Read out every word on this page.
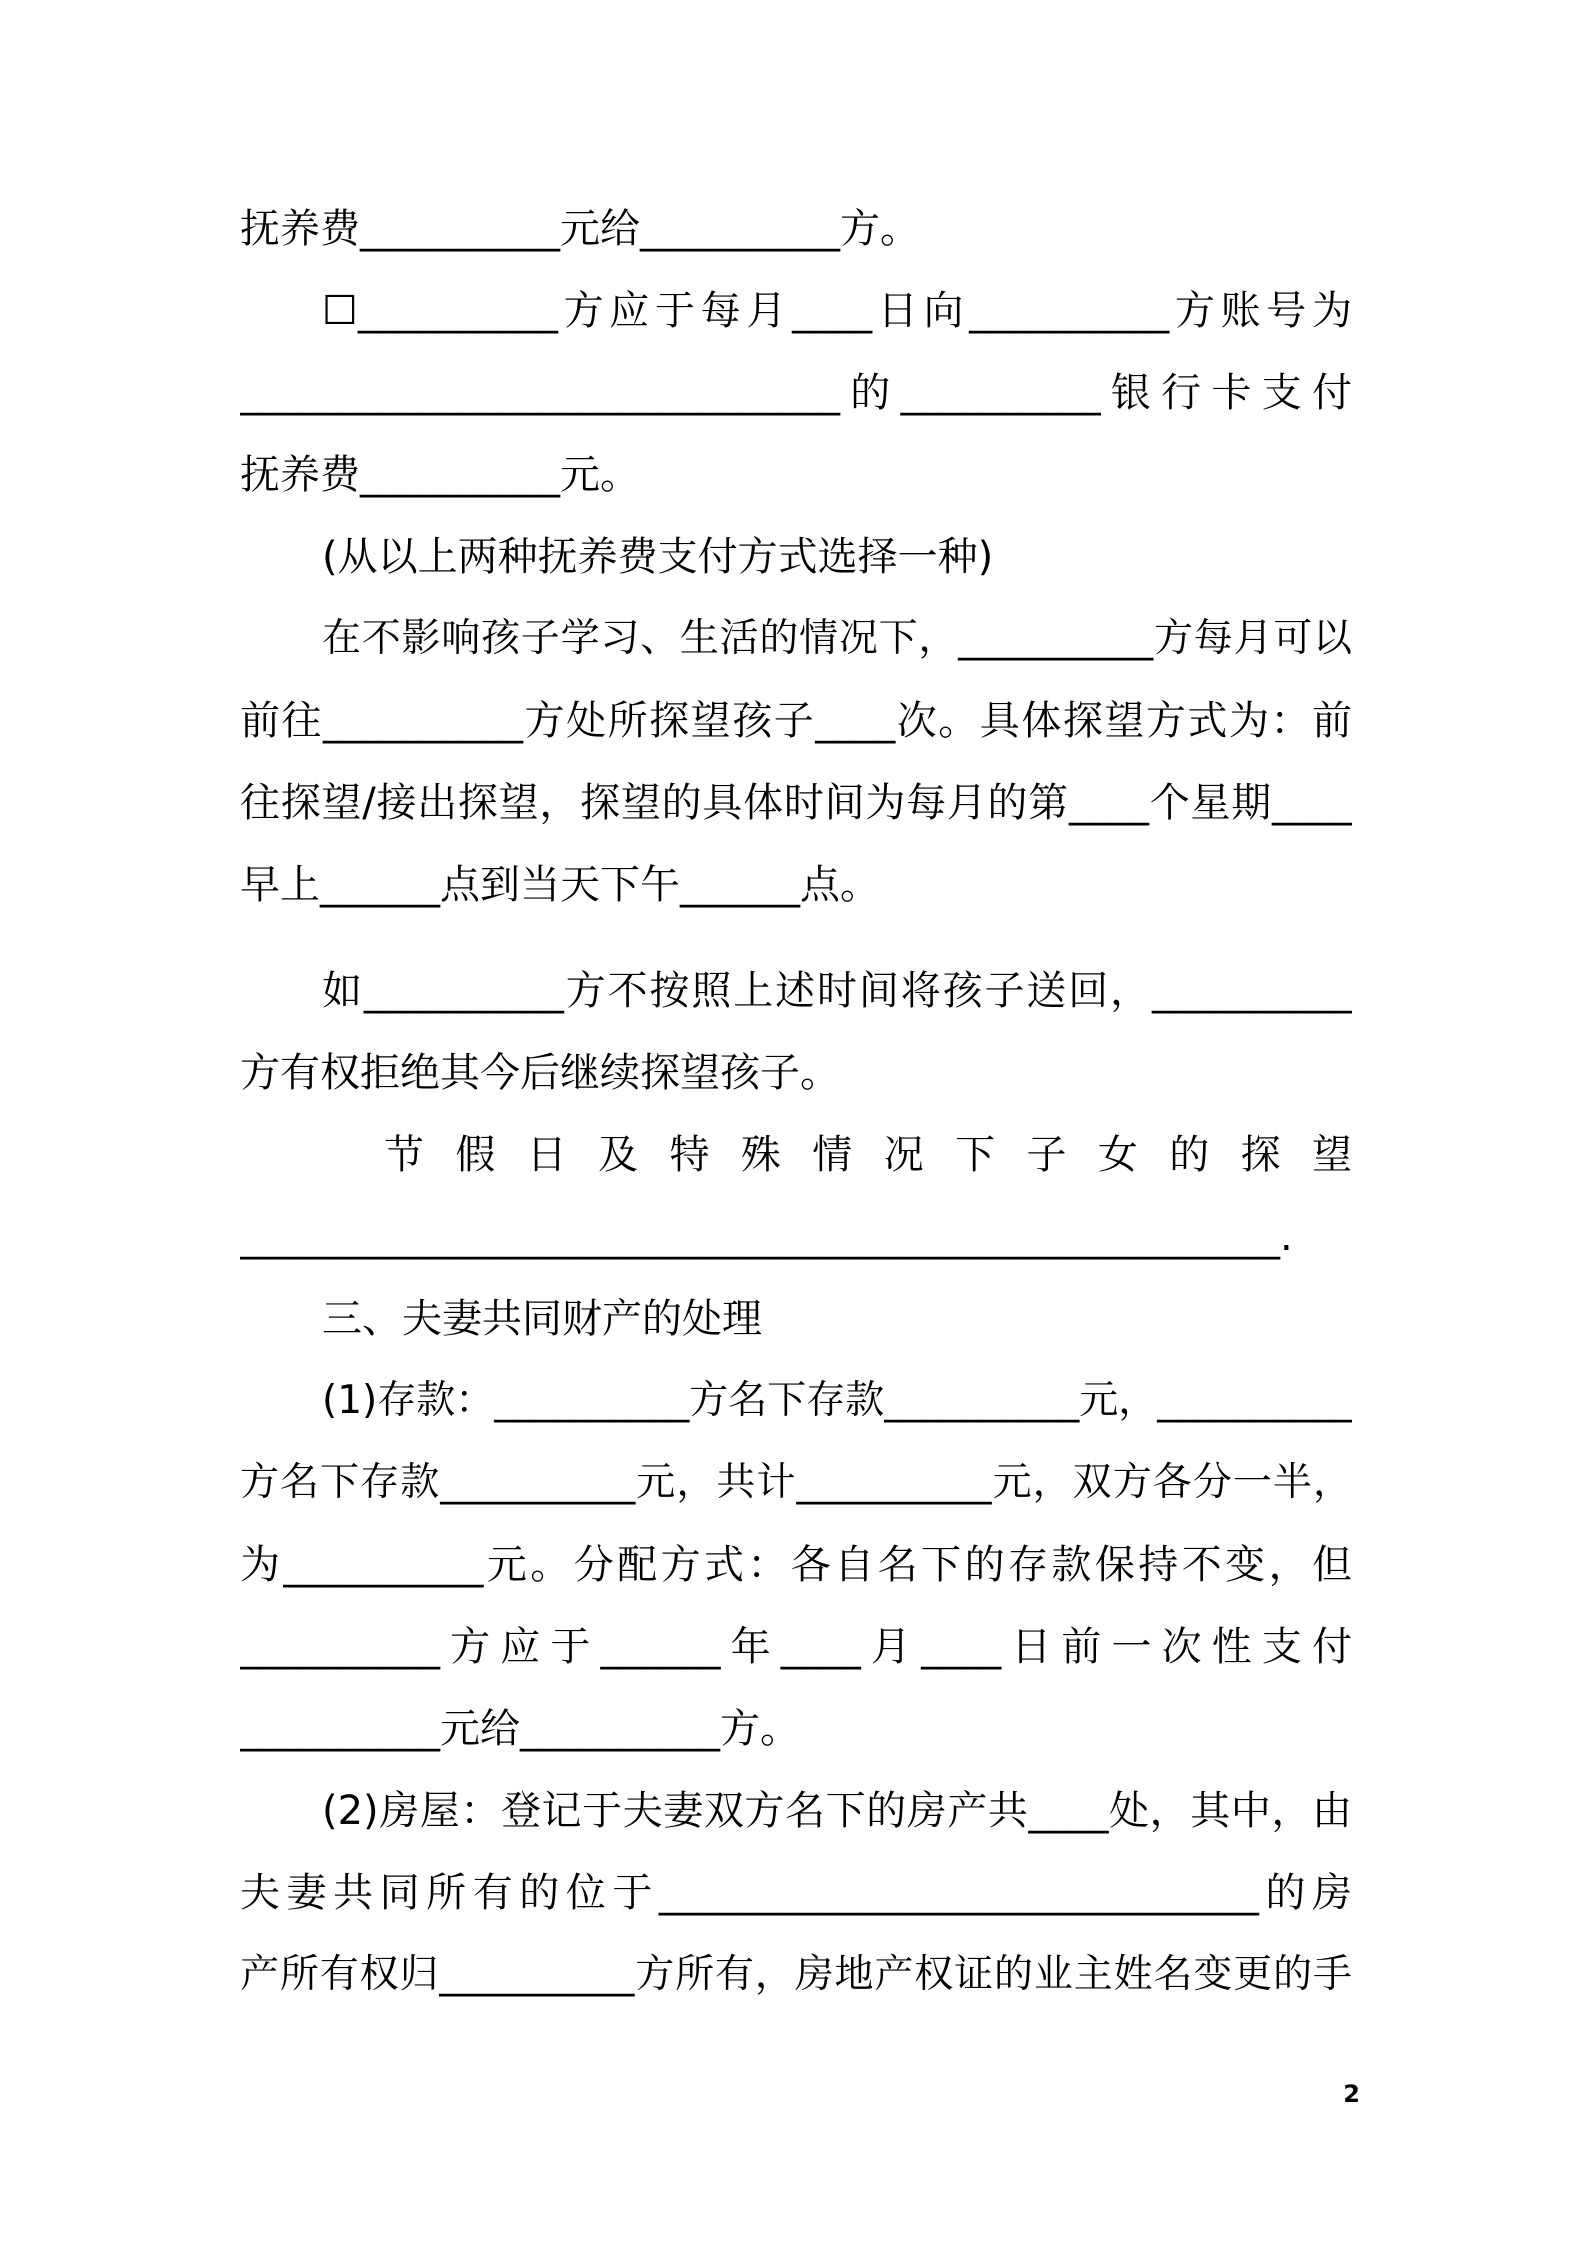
抚养费__________元给__________方。
☐__________方应于每月____日向__________方账号为
______________________________的__________银行卡支付
抚养费__________元。
(从以上两种抚养费支付方式选择一种)
在不影响孩子学习、生活的情况下，__________方每月可以
前往__________方处所探望孩子____次。具体探望方式为：前
往探望/接出探望，探望的具体时间为每月的第____个星期____
早上______点到当天下午______点。
如__________方不按照上述时间将孩子送回，__________
方有权拒绝其今后继续探望孩子。
节假日及特殊情况下子女的探望
____________________________________________________.
三、夫妻共同财产的处理
(1)存款：__________方名下存款__________元，__________
方名下存款__________元，共计__________元，双方各分一半，
为__________元。分配方式：各自名下的存款保持不变，但
__________方应于______年____月____日前一次性支付
__________元给__________方。
(2)房屋：登记于夫妻双方名下的房产共____处，其中，由
夫妻共同所有的位于______________________________的房
产所有权归__________方所有，房地产权证的业主姓名变更的手
2
